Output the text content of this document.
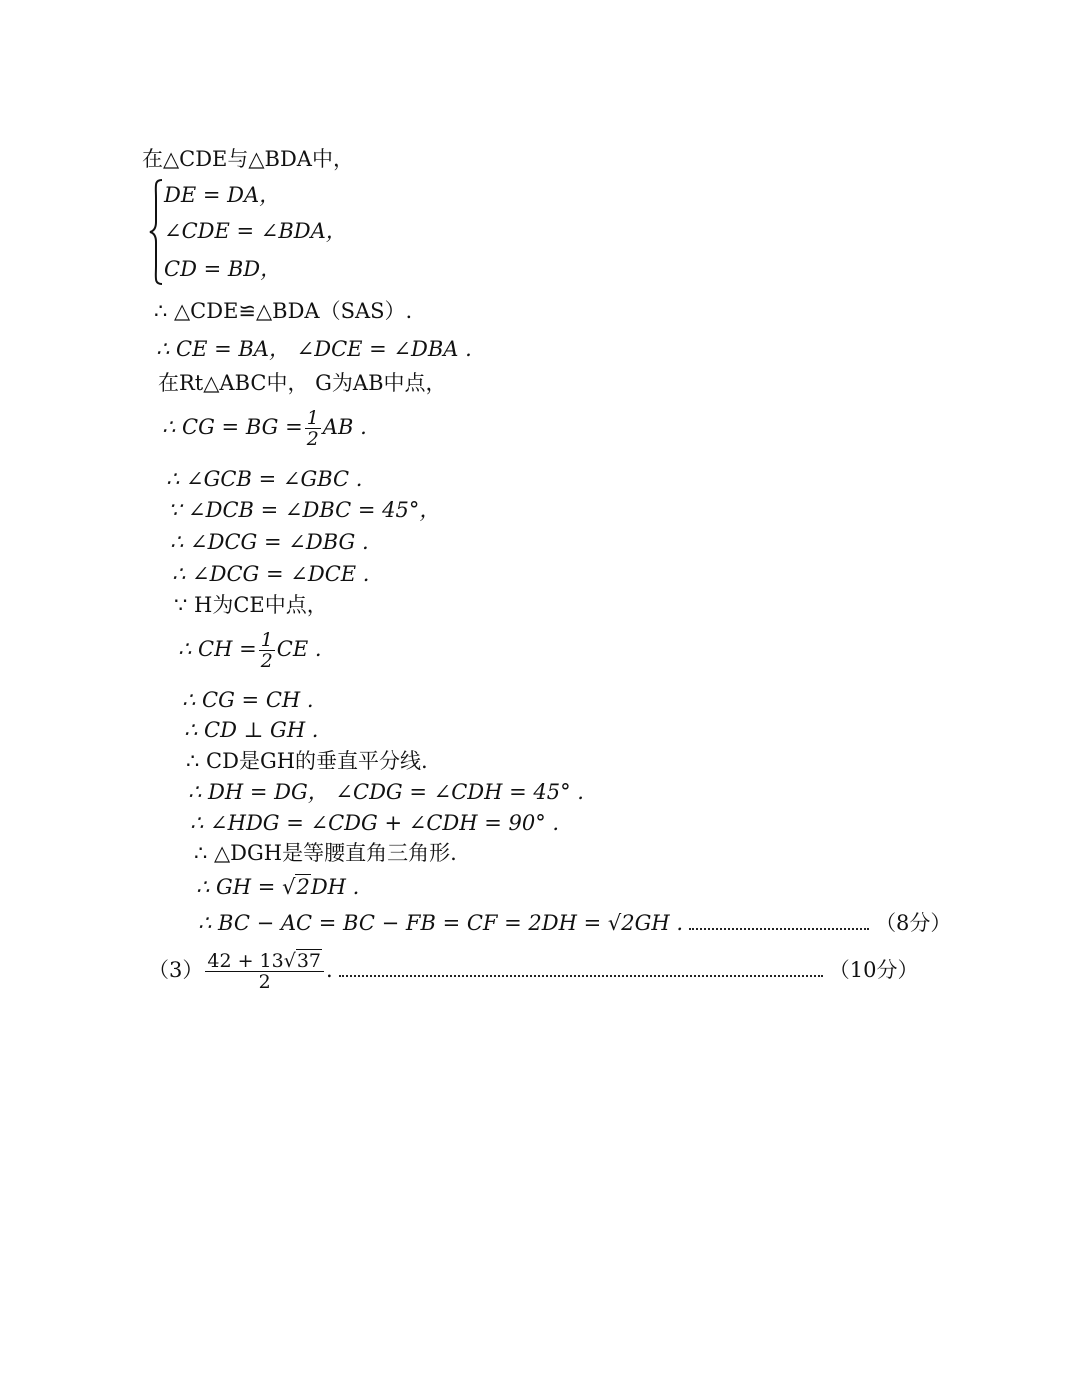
在△CDE与△BDA中，
DE = DA，
∠CDE = ∠BDA，
CD = BD，
∴ △CDE≌△BDA（SAS）.
∴ CE = BA， ∠DCE = ∠DBA .
在Rt△ABC中， G为AB中点，
∴ CG = BG = $\frac{1}{2}$ AB .
∴ ∠GCB = ∠GBC .
∵ ∠DCB = ∠DBC = 45°，
∴ ∠DCG = ∠DBG .
∴ ∠DCG = ∠DCE .
∵ H为CE中点，
∴ CH = $\frac{1}{2}$ CE .
∴ CG = CH .
∴ CD ⊥ GH .
∴ CD是GH的垂直平分线.
∴ DH = DG， ∠CDG = ∠CDH = 45° .
∴ ∠HDG = ∠CDG + ∠CDH = 90° .
∴ △DGH是等腰直角三角形.
∴ GH = √2DH .
∴ BC − AC = BC − FB = CF = 2DH = √2GH .	（8分）
$(3) \frac{42 + 13√37}{2}$ .	（10分）
